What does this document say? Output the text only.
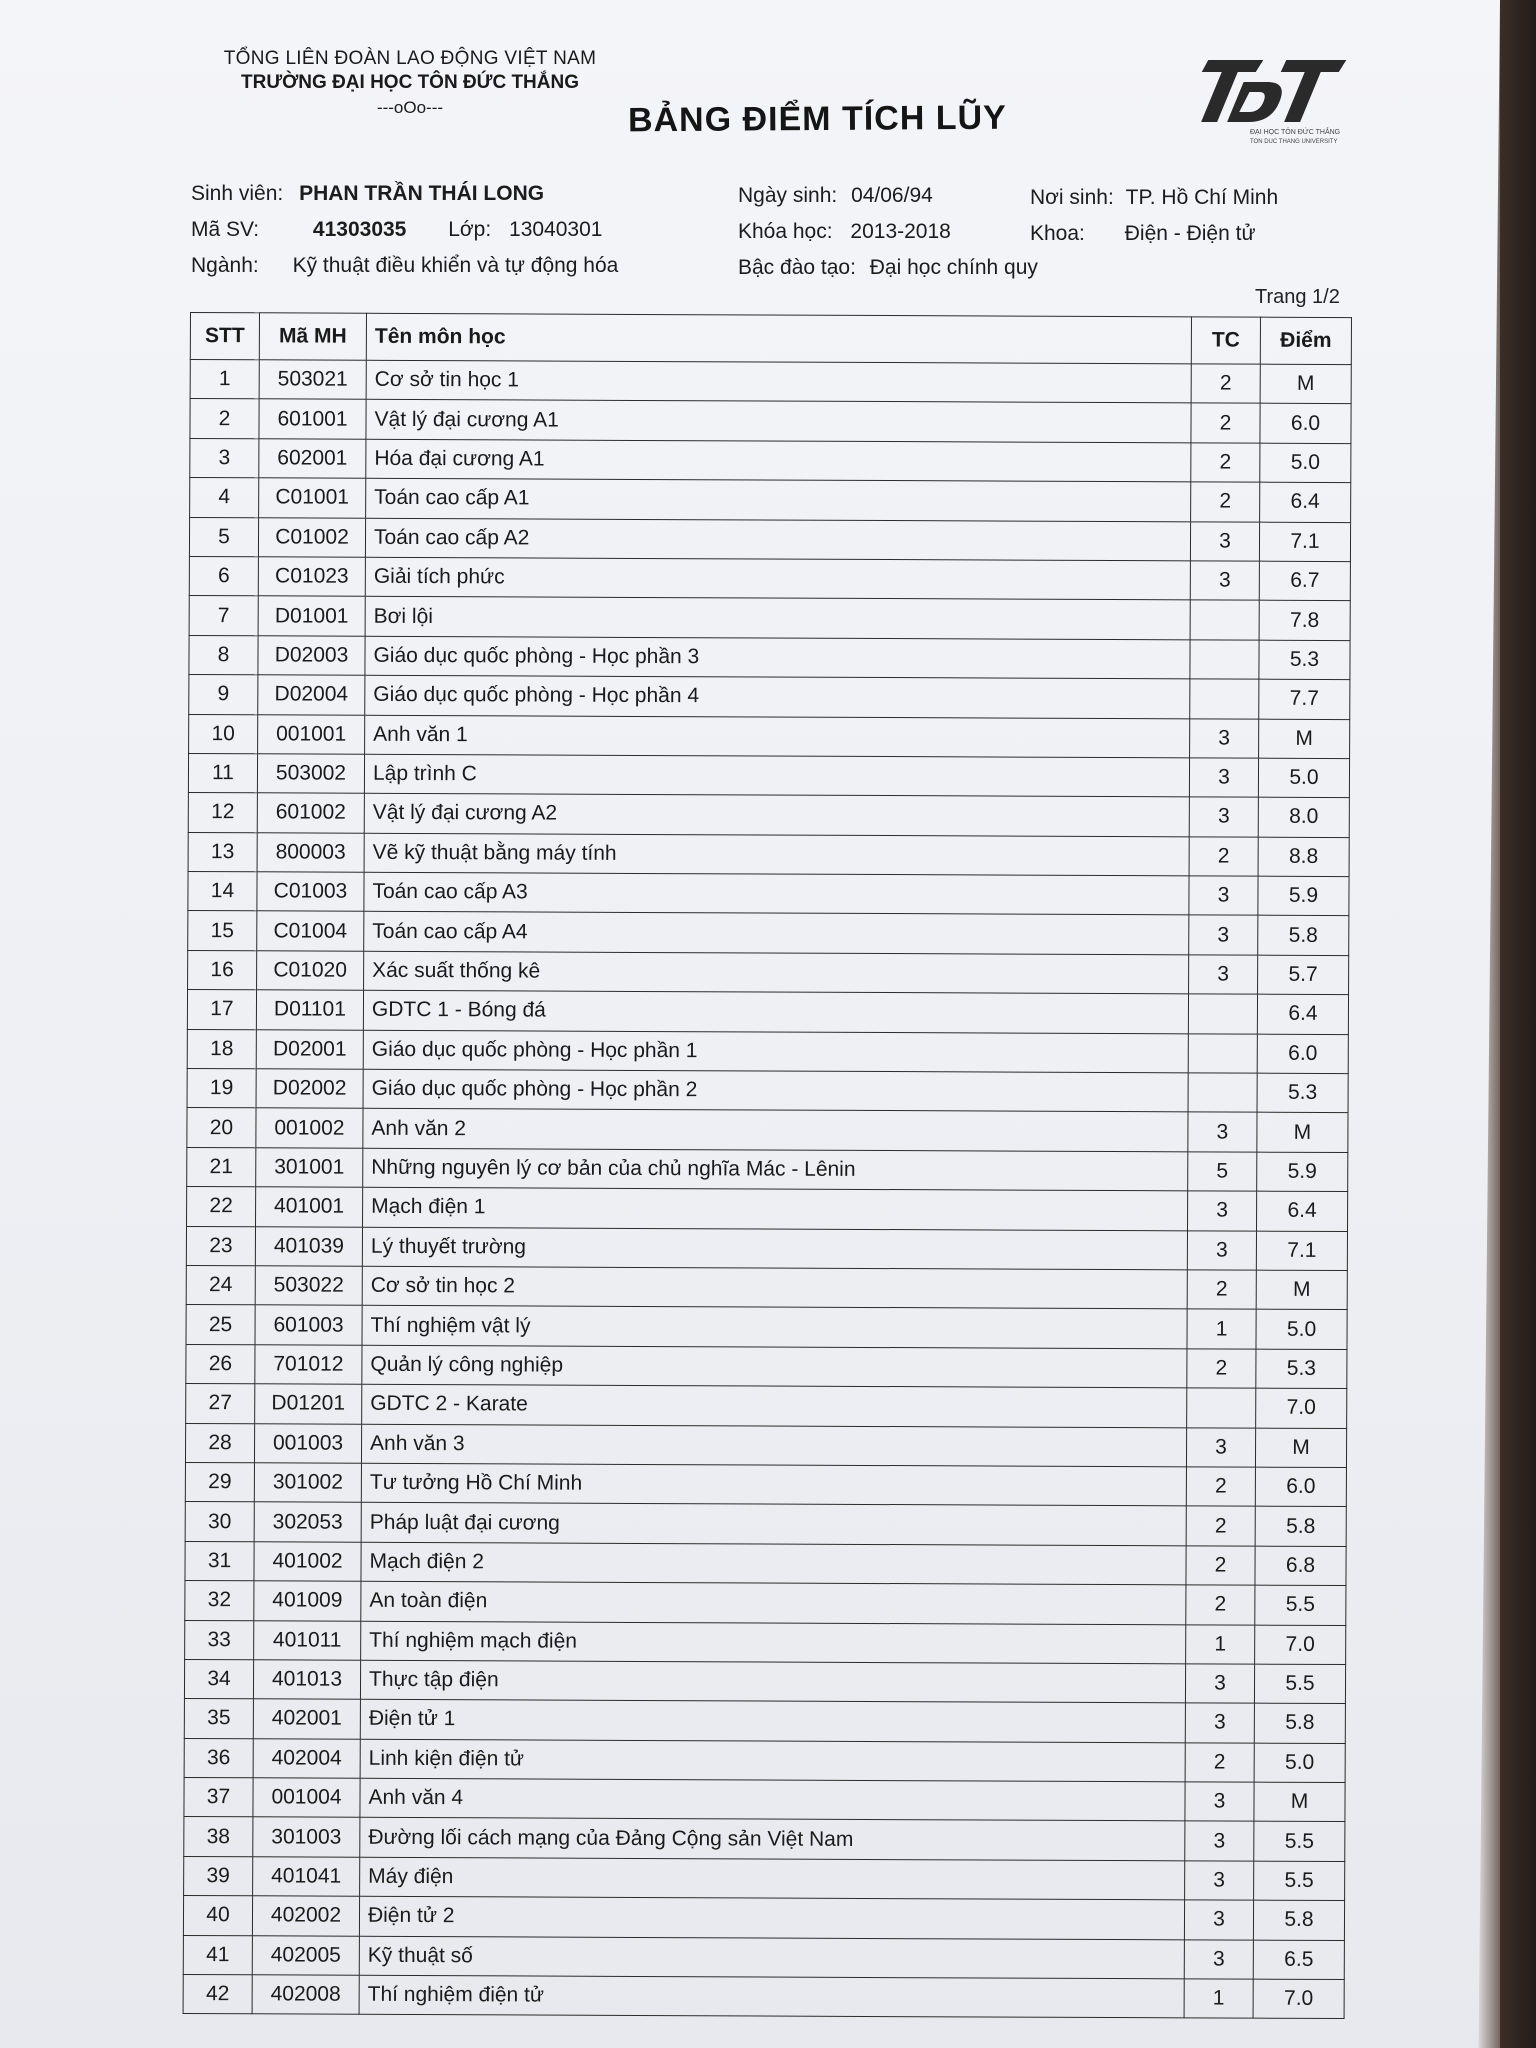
TỔNG LIÊN ĐOÀN LAO ĐỘNG VIỆT NAM
TRƯỜNG ĐẠI HỌC TÔN ĐỨC THẮNG
---oOo---	BẢNG ĐIỂM TÍCH LŨY	ĐẠI HỌC TÔN ĐỨC THẮNG
TON DUC THANG UNIVERSITY
Sinh viên: PHAN TRẦN THÁI LONG	Ngày sinh: 04/06/94	Nơi sinh: TP. Hồ Chí Minh
Mã SV:	41303035 Lớp: 13040301	Khóa học: 2013-2018	Khoa: Điện - Điện tử
Ngành: Kỹ thuật điều khiển và tự động hóa	Bậc đào tạo: Đại học chính quy
Trang 1/2
STT	Mã MH	Tên môn học	TC	Điểm
1	503021	Cơ sở tin học 1	2	M
2	601001	Vật lý đại cương A1	2	6.0
3	602001	Hóa đại cương A1	2	5.0
4	C01001	Toán cao cấp A1	2	6.4
5	C01002	Toán cao cấp A2	3	7.1
6	C01023	Giải tích phức	3	6.7
7	D01001	Bơi lội		7.8
8	D02003	Giáo dục quốc phòng - Học phần 3		5.3
9	D02004	Giáo dục quốc phòng - Học phần 4		7.7
10	001001	Anh văn 1	3	M
11	503002	Lập trình C	3	5.0
12	601002	Vật lý đại cương A2	3	8.0
13	800003	Vẽ kỹ thuật bằng máy tính	2	8.8
14	C01003	Toán cao cấp A3	3	5.9
15	C01004	Toán cao cấp A4	3	5.8
16	C01020	Xác suất thống kê	3	5.7
17	D01101	GDTC 1 - Bóng đá		6.4
18	D02001	Giáo dục quốc phòng - Học phần 1		6.0
19	D02002	Giáo dục quốc phòng - Học phần 2		5.3
20	001002	Anh văn 2	3	M
21	301001	Những nguyên lý cơ bản của chủ nghĩa Mác - Lênin	5	5.9
22	401001	Mạch điện 1	3	6.4
23	401039	Lý thuyết trường	3	7.1
24	503022	Cơ sở tin học 2	2	M
25	601003	Thí nghiệm vật lý	1	5.0
26	701012	Quản lý công nghiệp	2	5.3
27	D01201	GDTC 2 - Karate		7.0
28	001003	Anh văn 3	3	M
29	301002	Tư tưởng Hồ Chí Minh	2	6.0
30	302053	Pháp luật đại cương	2	5.8
31	401002	Mạch điện 2	2	6.8
32	401009	An toàn điện	2	5.5
33	401011	Thí nghiệm mạch điện	1	7.0
34	401013	Thực tập điện	3	5.5
35	402001	Điện tử 1	3	5.8
36	402004	Linh kiện điện tử	2	5.0
37	001004	Anh văn 4	3	M
38	301003	Đường lối cách mạng của Đảng Cộng sản Việt Nam	3	5.5
39	401041	Máy điện	3	5.5
40	402002	Điện tử 2	3	5.8
41	402005	Kỹ thuật số	3	6.5
42	402008	Thí nghiệm điện tử	1	7.0
